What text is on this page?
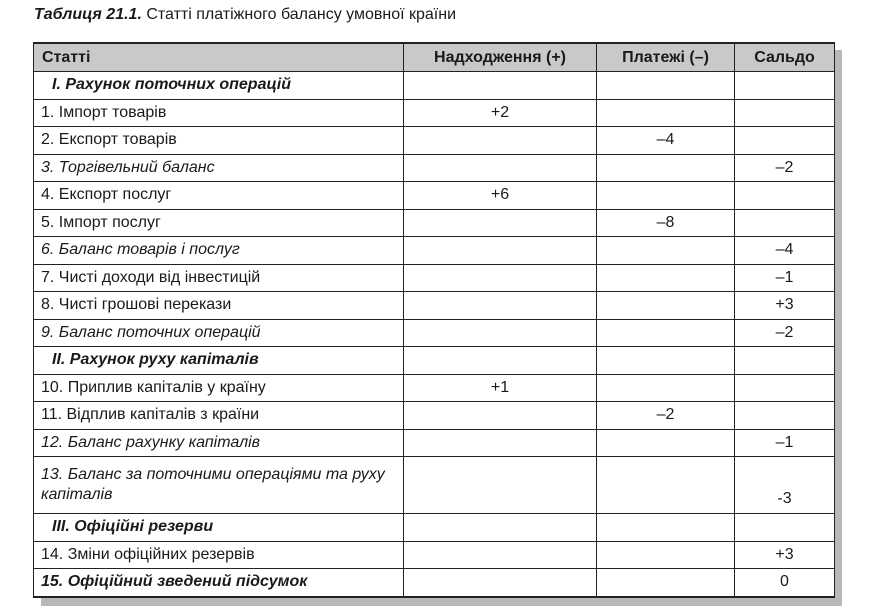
Таблиця 21.1. Статті платіжного балансу умовної країни
Статті	Надходження (+)	Платежі (–)	Сальдо
I. Рахунок поточних операцій			
1. Імпорт товарів	+2		
2. Експорт товарів		–4	
3. Торгівельний баланс			–2
4. Експорт послуг	+6		
5. Імпорт послуг		–8	
6. Баланс товарів і послуг			–4
7. Чисті доходи від інвестицій			–1
8. Чисті грошові перекази			+3
9. Баланс поточних операцій			–2
II. Рахунок руху капіталів			
10. Приплив капіталів у країну	+1		
11. Відплив капіталів з країни		–2	
12. Баланс рахунку капіталів			–1
13. Баланс за поточними операціями та руху капіталів			-3
III. Офіційні резерви			
14. Зміни офіційних резервів			+3
15. Офіційний зведений підсумок			0
